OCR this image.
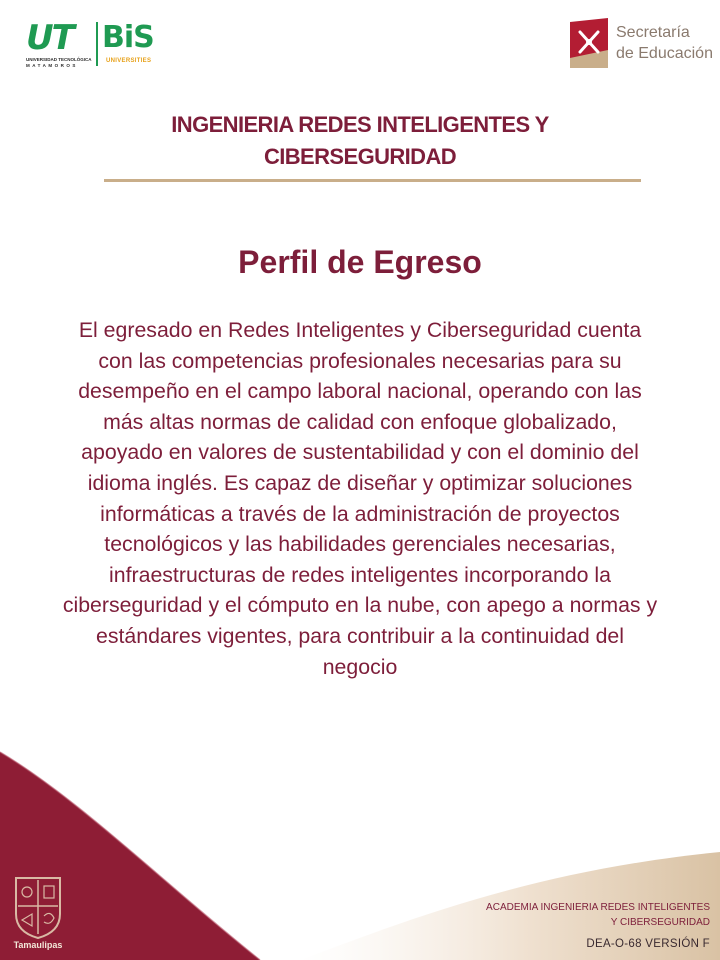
UT
UNIVERSIDAD TECNOLÓGICA
MATAMOROS
BiS
UNIVERSITIES
Secretaría
de Educación
INGENIERIA REDES INTELIGENTES Y
CIBERSEGURIDAD
Perfil de Egreso
El egresado en Redes Inteligentes y Ciberseguridad cuenta con las competencias profesionales necesarias para su desempeño en el campo laboral nacional, operando con las más altas normas de calidad con enfoque globalizado, apoyado en valores de sustentabilidad y con el dominio del idioma inglés. Es capaz de diseñar y optimizar soluciones informáticas a través de la administración de proyectos tecnológicos y las habilidades gerenciales necesarias, infraestructuras de redes inteligentes incorporando la ciberseguridad y el cómputo en la nube, con apego a normas y estándares vigentes, para contribuir a la continuidad del negocio
Tamaulipas
ACADEMIA INGENIERIA REDES INTELIGENTES
Y CIBERSEGURIDAD
DEA-O-68 VERSIÓN F
